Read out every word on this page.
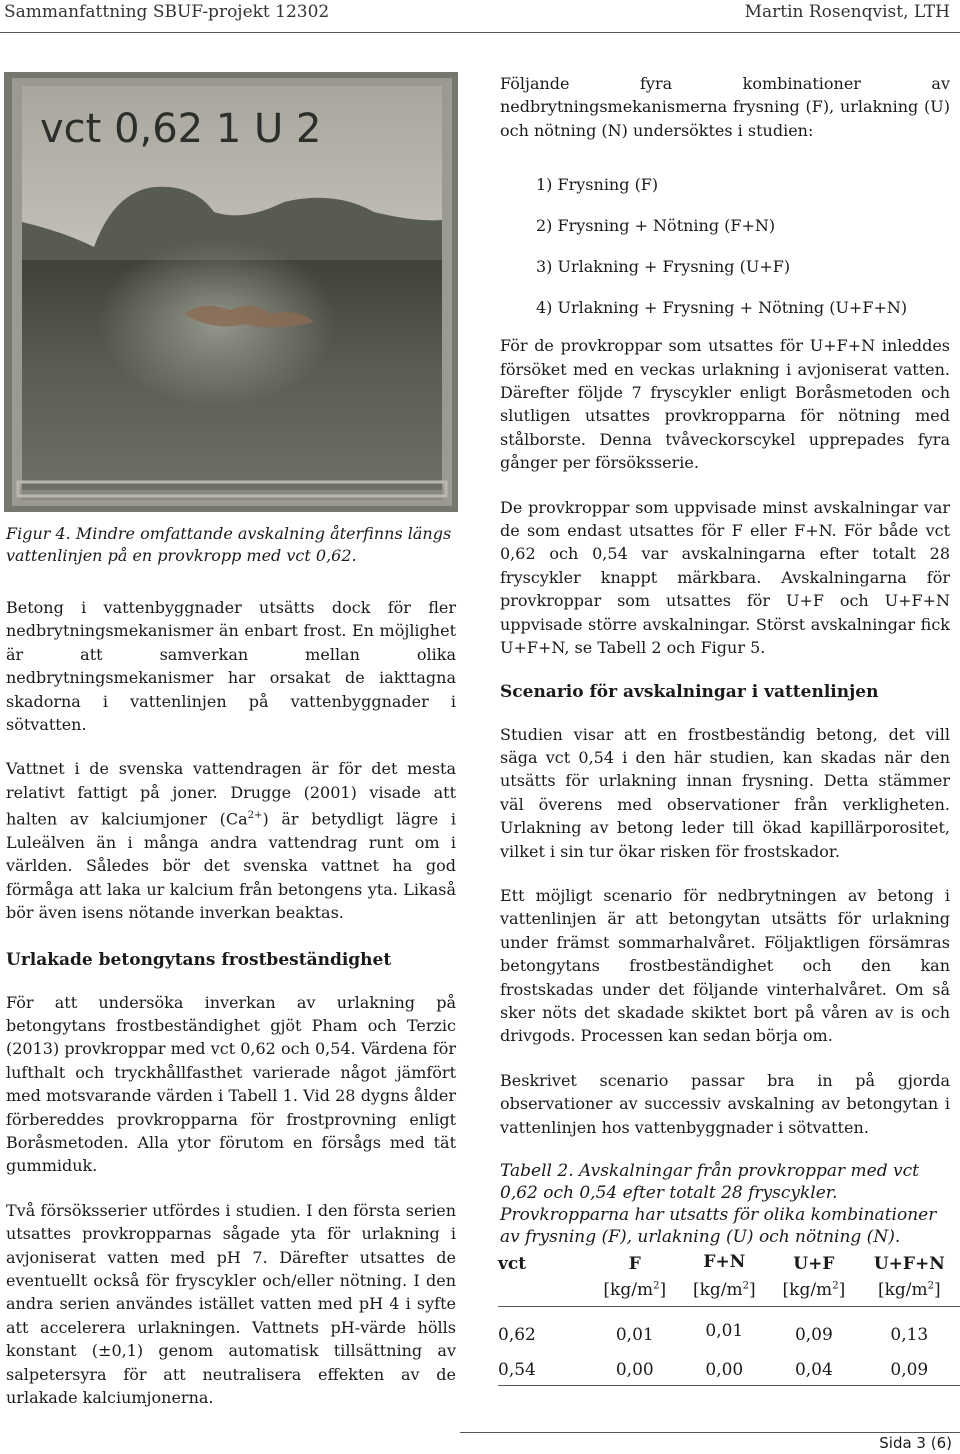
Sammanfattning SBUF-projekt 12302	Martin Rosenqvist, LTH
vct 0,62 1 U 2
Figur 4. Mindre omfattande avskalning återfinns längs vattenlinjen på en provkropp med vct 0,62.

Betong i vattenbyggnader utsätts dock för fler nedbrytningsmekanismer än enbart frost. En möjlighet är att samverkan mellan olika nedbrytningsmekanismer har orsakat de iakttagna skadorna i vattenlinjen på vattenbyggnader i sötvatten.

Vattnet i de svenska vattendragen är för det mesta relativt fattigt på joner. Drugge (2001) visade att halten av kalciumjoner $(Ca^{2+})$ är betydligt lägre i Luleälven än i många andra vattendrag runt om i världen. Således bör det svenska vattnet ha god förmåga att laka ur kalcium från betongens yta. Likaså bör även isens nötande inverkan beaktas.

Urlakade betongytans frostbeständighet

För att undersöka inverkan av urlakning på betongytans frostbeständighet gjöt Pham och Terzic (2013) provkroppar med vct 0,62 och 0,54. Värdena för lufthalt och tryckhållfasthet varierade något jämfört med motsvarande värden i Tabell 1. Vid 28 dygns ålder förbereddes provkropparna för frostprovning enligt Boråsmetoden. Alla ytor förutom en försågs med tät gummiduk.

Två försöksserier utfördes i studien. I den första serien utsattes provkropparnas sågade yta för urlakning i avjoniserat vatten med pH 7. Därefter utsattes de eventuellt också för fryscykler och/eller nötning. I den andra serien användes istället vatten med pH 4 i syfte att accelerera urlakningen. Vattnets pH-värde hölls konstant (±0,1) genom automatisk tillsättning av salpetersyra för att neutralisera effekten av de urlakade kalciumjonerna.

Följande fyra kombinationer av nedbrytningsmekanismerna frysning (F), urlakning (U) och nötning (N) undersöktes i studien:

1) Frysning (F)
2) Frysning + Nötning (F+N)
3) Urlakning + Frysning (U+F)
4) Urlakning + Frysning + Nötning (U+F+N)

För de provkroppar som utsattes för U+F+N inleddes försöket med en veckas urlakning i avjoniserat vatten. Därefter följde 7 fryscykler enligt Boråsmetoden och slutligen utsattes provkropparna för nötning med stålborste. Denna tvåveckorscykel upprepades fyra gånger per försöksserie.

De provkroppar som uppvisade minst avskalningar var de som endast utsattes för F eller F+N. För både vct 0,62 och 0,54 var avskalningarna efter totalt 28 fryscykler knappt märkbara. Avskalningarna för provkroppar som utsattes för U+F och U+F+N uppvisade större avskalningar. Störst avskalningar fick U+F+N, se Tabell 2 och Figur 5.

Scenario för avskalningar i vattenlinjen

Studien visar att en frostbeständig betong, det vill säga vct 0,54 i den här studien, kan skadas när den utsätts för urlakning innan frysning. Detta stämmer väl överens med observationer från verkligheten. Urlakning av betong leder till ökad kapillärporositet, vilket i sin tur ökar risken för frostskador.

Ett möjligt scenario för nedbrytningen av betong i vattenlinjen är att betongytan utsätts för urlakning under främst sommarhalvåret. Följaktligen försämras betongytans frostbeständighet och den kan frostskadas under det följande vinterhalvåret. Om så sker nöts det skadade skiktet bort på våren av is och drivgods. Processen kan sedan börja om.

Beskrivet scenario passar bra in på gjorda observationer av successiv avskalning av betongytan i vattenlinjen hos vattenbyggnader i sötvatten.

Tabell 2. Avskalningar från provkroppar med vct 0,62 och 0,54 efter totalt 28 fryscykler. Provkropparna har utsatts för olika kombinationer av frysning (F), urlakning (U) och nötning (N).
vct	F	F+N	U+F	U+F+N
	$[kg/m^2]$	$[kg/m^2]$	$[kg/m^2]$	$[kg/m^2]$
0,62	0,01	0,01	0,09	0,13
0,54	0,00	0,00	0,04	0,09
Sida 3 (6)
